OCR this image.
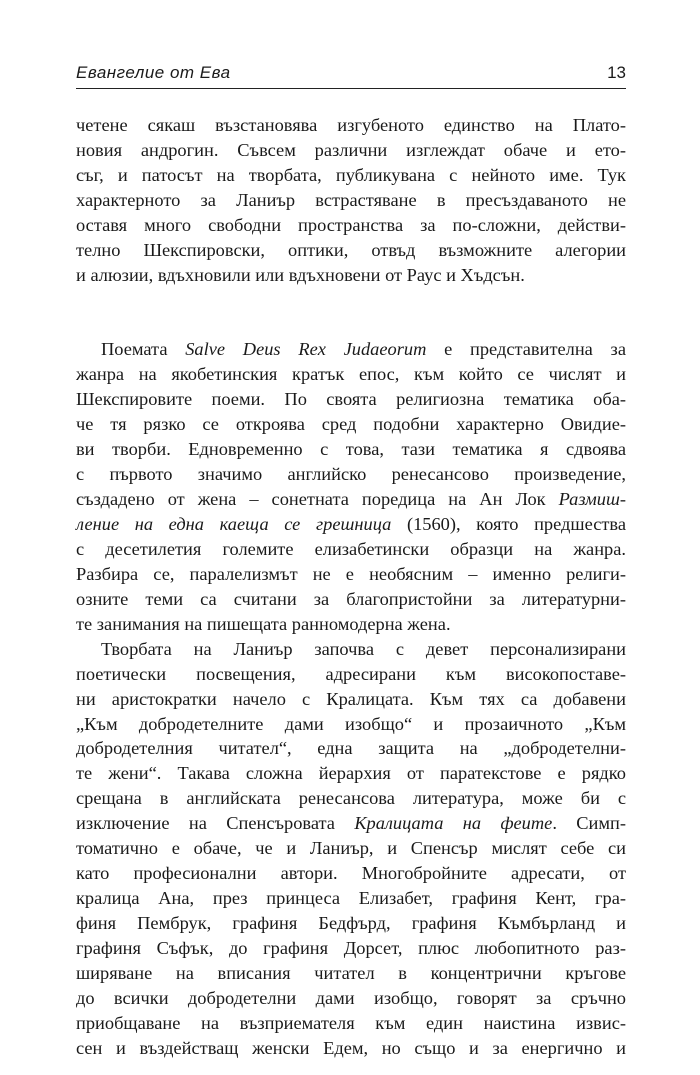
Евангелие от Ева	13
четене сякаш възстановява изгубеното единство на Плато-
новия андрогин. Съвсем различни изглеждат обаче и ето-
съг, и патосът на творбата, публикувана с нейното име. Тук
характерното за Ланиър встрастяване в пресъздаваното не
оставя много свободни пространства за по-сложни, действи-
телно Шекспировски, оптики, отвъд възможните алегории
и алюзии, вдъхновили или вдъхновени от Раус и Хъдсън.
Поемата Salve Deus Rex Judaeorum е представителна за
жанра на якобетинския кратък епос, към който се числят и
Шекспировите поеми. По своята религиозна тематика оба-
че тя рязко се откроява сред подобни характерно Овидие-
ви творби. Едновременно с това, тази тематика я сдвоява
с първото значимо английско ренесансово произведение,
създадено от жена – сонетната поредица на Ан Лок Размиш-
ление на една каеща се грешница (1560), която предшества
с десетилетия големите елизабетински образци на жанра.
Разбира се, паралелизмът не е необясним – именно религи-
озните теми са считани за благопристойни за литературни-
те занимания на пишещата ранномодерна жена.
Творбата на Ланиър започва с девет персонализирани
поетически посвещения, адресирани към високопоставе-
ни аристократки начело с Кралицата. Към тях са добавени
„Към добродетелните дами изобщо“ и прозаичното „Към
добродетелния читател“, една защита на „добродетелни-
те жени“. Такава сложна йерархия от паратекстове е рядко
срещана в английската ренесансова литература, може би с
изключение на Спенсъровата Кралицата на феите. Симп-
томатично е обаче, че и Ланиър, и Спенсър мислят себе си
като професионални автори. Многобройните адресати, от
кралица Ана, през принцеса Елизабет, графиня Кент, гра-
финя Пембрук, графиня Бедфърд, графиня Къмбърланд и
графиня Съфък, до графиня Дорсет, плюс любопитното раз-
ширяване на вписания читател в концентрични кръгове
до всички добродетелни дами изобщо, говорят за сръчно
приобщаване на възприемателя към един наистина извис-
сен и въздействащ женски Едем, но също и за енергично и
